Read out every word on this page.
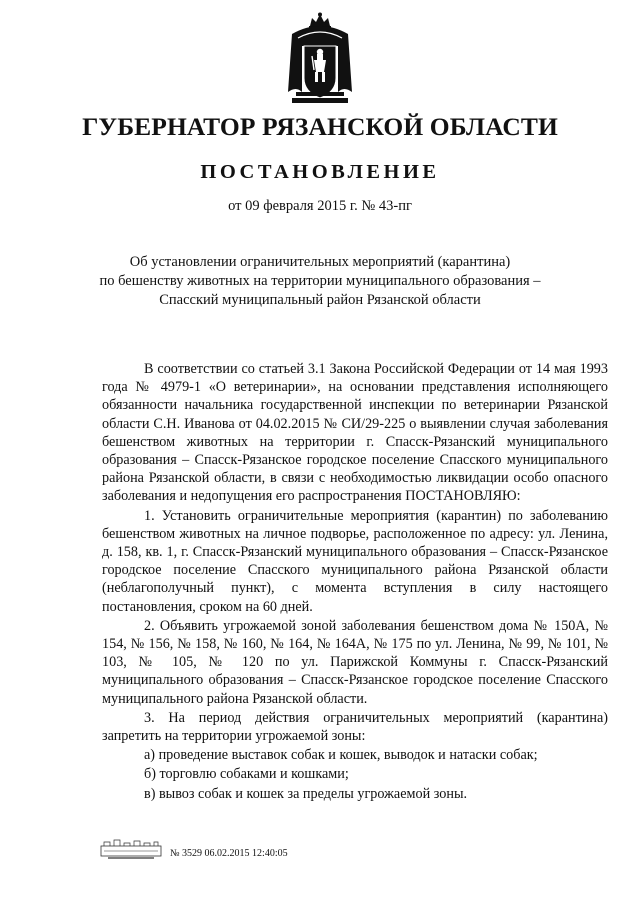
ГУБЕРНАТОР РЯЗАНСКОЙ ОБЛАСТИ
ПОСТАНОВЛЕНИЕ
от 09 февраля 2015 г. № 43-пг
Об установлении ограничительных мероприятий (карантина)
по бешенству животных на территории муниципального образования –
Спасский муниципальный район Рязанской области

В соответствии со статьей 3.1 Закона Российской Федерации от 14 мая 1993 года № 4979-1 «О ветеринарии», на основании представления исполняющего обязанности начальника государственной инспекции по ветеринарии Рязанской области С.Н. Иванова от 04.02.2015 № СИ/29-225 о выявлении случая заболевания бешенством животных на территории г. Спасск-Рязанский муниципального образования – Спасск-Рязанское городское поселение Спасского муниципального района Рязанской области, в связи с необходимостью ликвидации особо опасного заболевания и недопущения его распространения ПОСТАНОВЛЯЮ:

1. Установить ограничительные мероприятия (карантин) по заболеванию бешенством животных на личное подворье, расположенное по адресу: ул. Ленина, д. 158, кв. 1, г. Спасск-Рязанский муниципального образования – Спасск-Рязанское городское поселение Спасского муниципального района Рязанской области (неблагополучный пункт), с момента вступления в силу настоящего постановления, сроком на 60 дней.

2. Объявить угрожаемой зоной заболевания бешенством дома № 150А, № 154, № 156, № 158, № 160, № 164, № 164А, № 175 по ул. Ленина, № 99, № 101, № 103, № 105, № 120 по ул. Парижской Коммуны г. Спасск-Рязанский муниципального образования – Спасск-Рязанское городское поселение Спасского муниципального района Рязанской области.

3. На период действия ограничительных мероприятий (карантина) запретить на территории угрожаемой зоны:

а) проведение выставок собак и кошек, выводок и натаски собак;

б) торговлю собаками и кошками;

в) вывоз собак и кошек за пределы угрожаемой зоны.

№ 3529 06.02.2015 12:40:05
